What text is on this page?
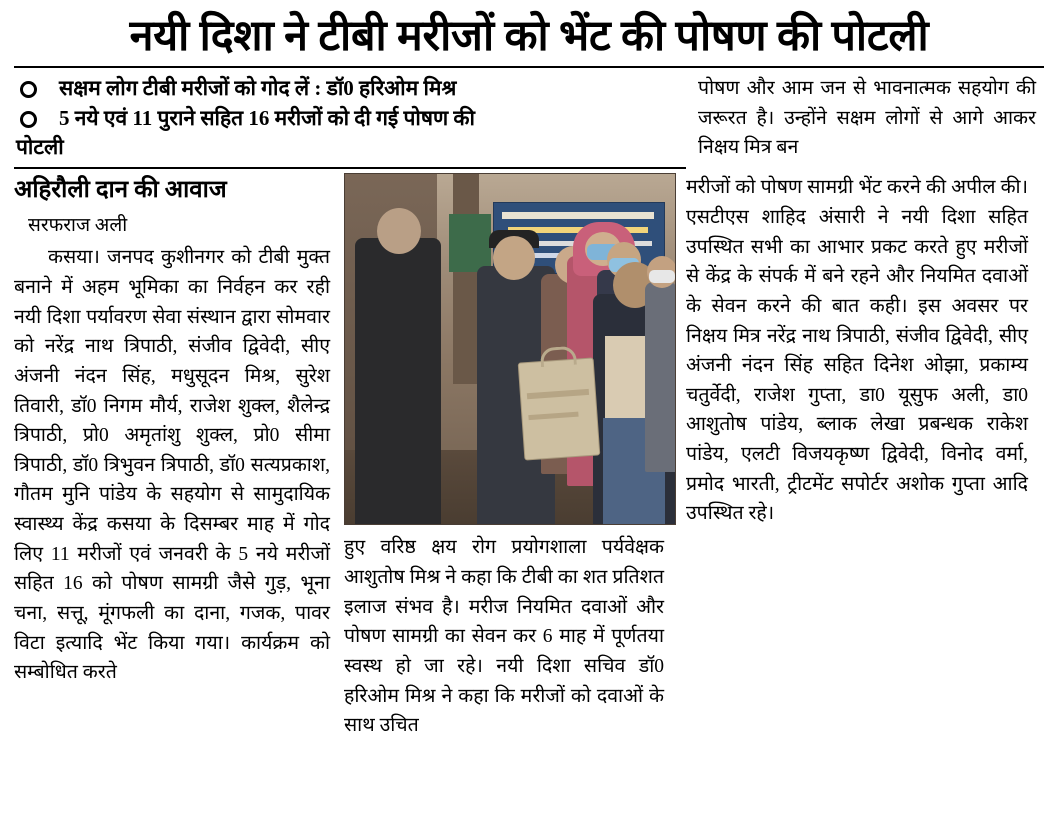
नयी दिशा ने टीबी मरीजों को भेंट की पोषण की पोटली
सक्षम लोग टीबी मरीजों को गोद लें : डॉ0 हरिओम मिश्र
5 नये एवं 11 पुराने सहित 16 मरीजों को दी गई पोषण की
पोटली
पोषण और आम जन से भावनात्मक सहयोग की जरूरत है। उन्होंने सक्षम लोगों से आगे आकर निक्षय मित्र बन
अहिरौली दान की आवाज
सरफराज अली

कसया। जनपद कुशीनगर को टीबी मुक्त बनाने में अहम भूमिका का निर्वहन कर रही नयी दिशा पर्यावरण सेवा संस्थान द्वारा सोमवार को नरेंद्र नाथ त्रिपाठी, संजीव द्विवेदी, सीए अंजनी नंदन सिंह, मधुसूदन मिश्र, सुरेश तिवारी, डॉ0 निगम मौर्य, राजेश शुक्ल, शैलेन्द्र त्रिपाठी, प्रो0 अमृतांशु शुक्ल, प्रो0 सीमा त्रिपाठी, डॉ0 त्रिभुवन त्रिपाठी, डॉ0 सत्यप्रकाश, गौतम मुनि पांडेय के सहयोग से सामुदायिक स्वास्थ्य केंद्र कसया के दिसम्बर माह में गोद लिए 11 मरीजों एवं जनवरी के 5 नये मरीजों सहित 16 को पोषण सामग्री जैसे गुड़, भूना चना, सत्तू, मूंगफली का दाना, गजक, पावर विटा इत्यादि भेंट किया गया। कार्यक्रम को सम्बोधित करते

हुए वरिष्ठ क्षय रोग प्रयोगशाला पर्यवेक्षक आशुतोष मिश्र ने कहा कि टीबी का शत प्रतिशत इलाज संभव है। मरीज नियमित दवाओं और पोषण सामग्री का सेवन कर 6 माह में पूर्णतया स्वस्थ हो जा रहे। नयी दिशा सचिव डॉ0 हरिओम मिश्र ने कहा कि मरीजों को दवाओं के साथ उचित

मरीजों को पोषण सामग्री भेंट करने की अपील की। एसटीएस शाहिद अंसारी ने नयी दिशा सहित उपस्थित सभी का आभार प्रकट करते हुए मरीजों से केंद्र के संपर्क में बने रहने और नियमित दवाओं के सेवन करने की बात कही। इस अवसर पर निक्षय मित्र नरेंद्र नाथ त्रिपाठी, संजीव द्विवेदी, सीए अंजनी नंदन सिंह सहित दिनेश ओझा, प्रकाम्य चतुर्वेदी, राजेश गुप्ता, डा0 यूसुफ अली, डा0 आशुतोष पांडेय, ब्लाक लेखा प्रबन्धक राकेश पांडेय, एलटी विजयकृष्ण द्विवेदी, विनोद वर्मा, प्रमोद भारती, ट्रीटमेंट सपोर्टर अशोक गुप्ता आदि उपस्थित रहे।
